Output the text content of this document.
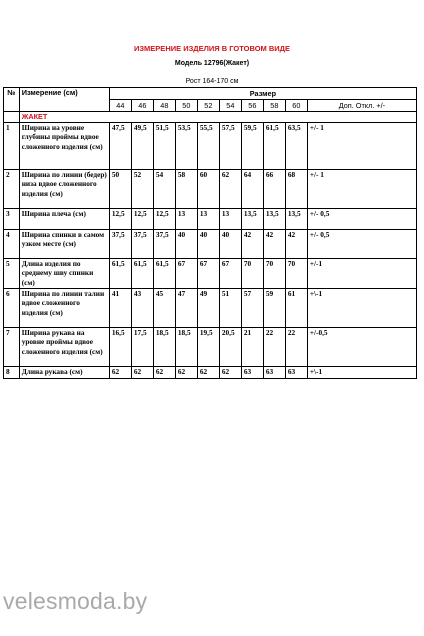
ИЗМЕРЕНИЕ ИЗДЕЛИЯ В ГОТОВОМ ВИДЕ
Модель 12796(Жакет)
Рост 164-170 см
№	Измерение (см)	Размер									
		44	46	48	50	52	54	56	58	60	Доп. Откл. +/-
	ЖАКЕТ										
1	Ширина на уровне глубины проймы вдвое сложенного изделия (см)	47,5	49,5	51,5	53,5	55,5	57,5	59,5	61,5	63,5	+/- 1
2	Ширина по линии (бедер) низа вдвое сложенного изделия (см)	50	52	54	58	60	62	64	66	68	+/- 1
3	Ширина плеча (см)	12,5	12,5	12,5	13	13	13	13,5	13,5	13,5	+/- 0,5
4	Ширина спинки в самом узком месте (см)	37,5	37,5	37,5	40	40	40	42	42	42	+/- 0,5
5	Длина изделия по среднему шву спинки (см)	61,5	61,5	61,5	67	67	67	70	70	70	+/-1
6	Ширина по линии талии вдвое сложенного изделия (см)	41	43	45	47	49	51	57	59	61	+\-1
7	Ширина рукава на уровне проймы вдвое сложенного изделия (см)	16,5	17,5	18,5	18,5	19,5	20,5	21	22	22	+/-0,5
8	Длина рукава (см)	62	62	62	62	62	62	63	63	63	+\-1
velesmoda.by
